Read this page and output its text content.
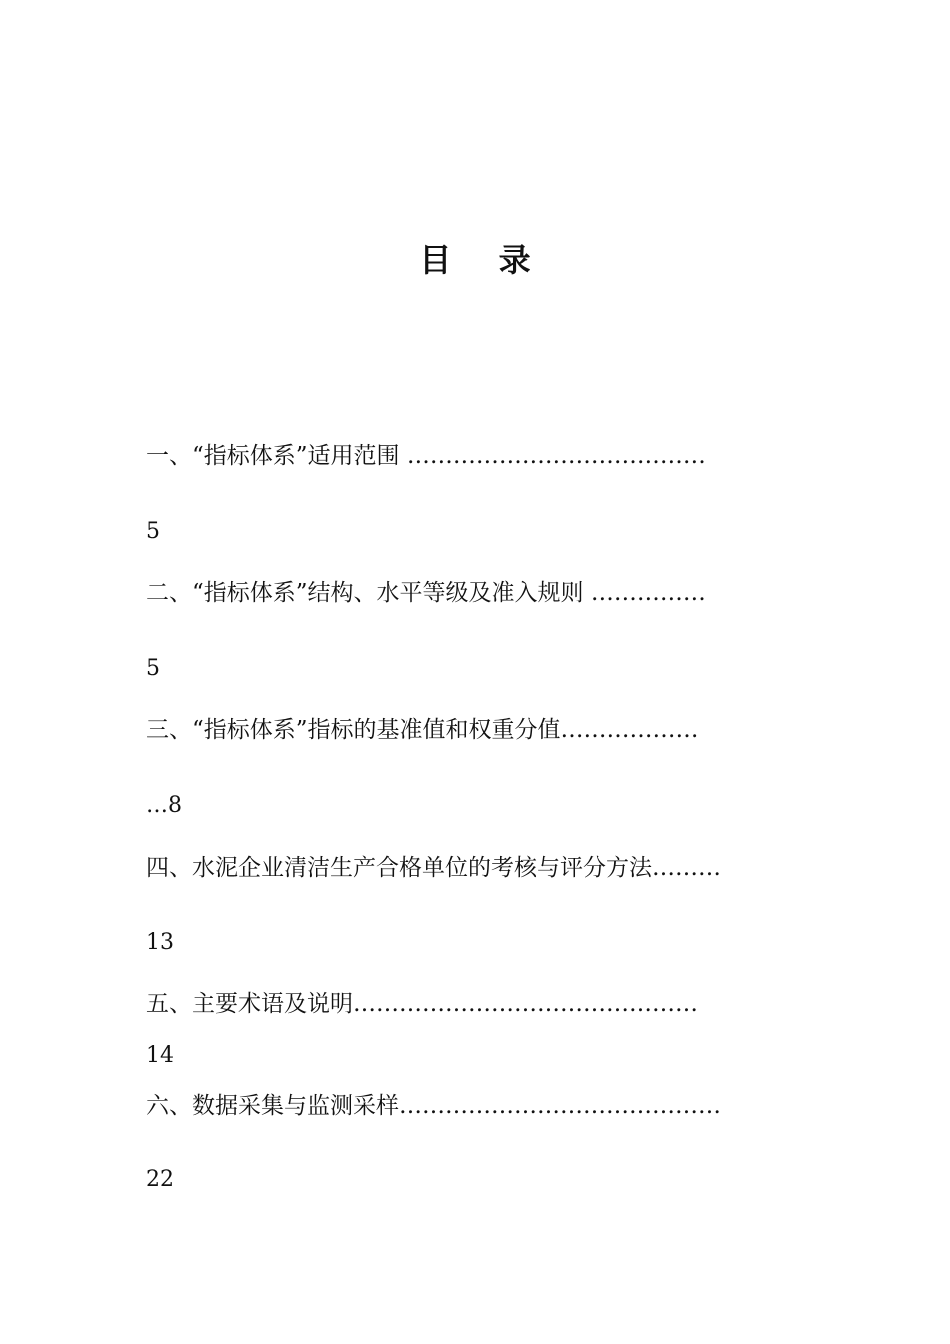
目 录
一、“指标体系”适用范围 …………………………………
5
二、“指标体系”结构、水平等级及准入规则 ……………
5
三、“指标体系”指标的基准值和权重分值………………
…8
四、水泥企业清洁生产合格单位的考核与评分方法………
13
五、主要术语及说明………………………………………
14
六、数据采集与监测采样……………………………………
22
